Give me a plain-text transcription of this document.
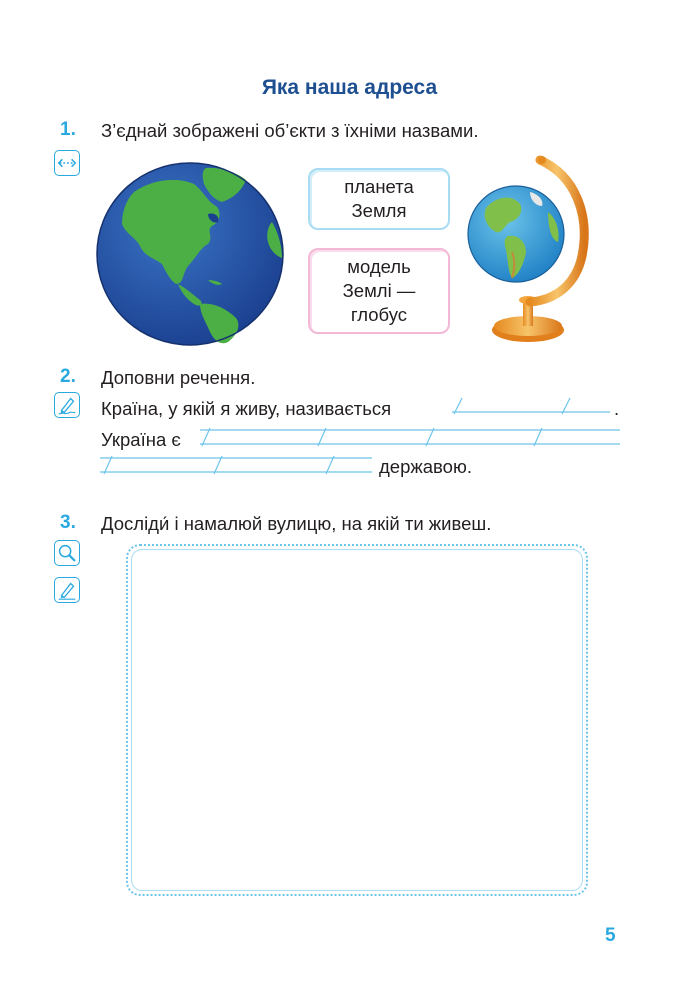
Яка наша адреса
1. З’єднай зображені об’єкти з їхніми назвами.
планета
Земля
модель
Землі —
глобус
2. Доповни речення.
Країна, у якій я живу, називається	.
Україна є
державою.
3. Досліди́ і намалюй вулицю, на якій ти живеш.
5
